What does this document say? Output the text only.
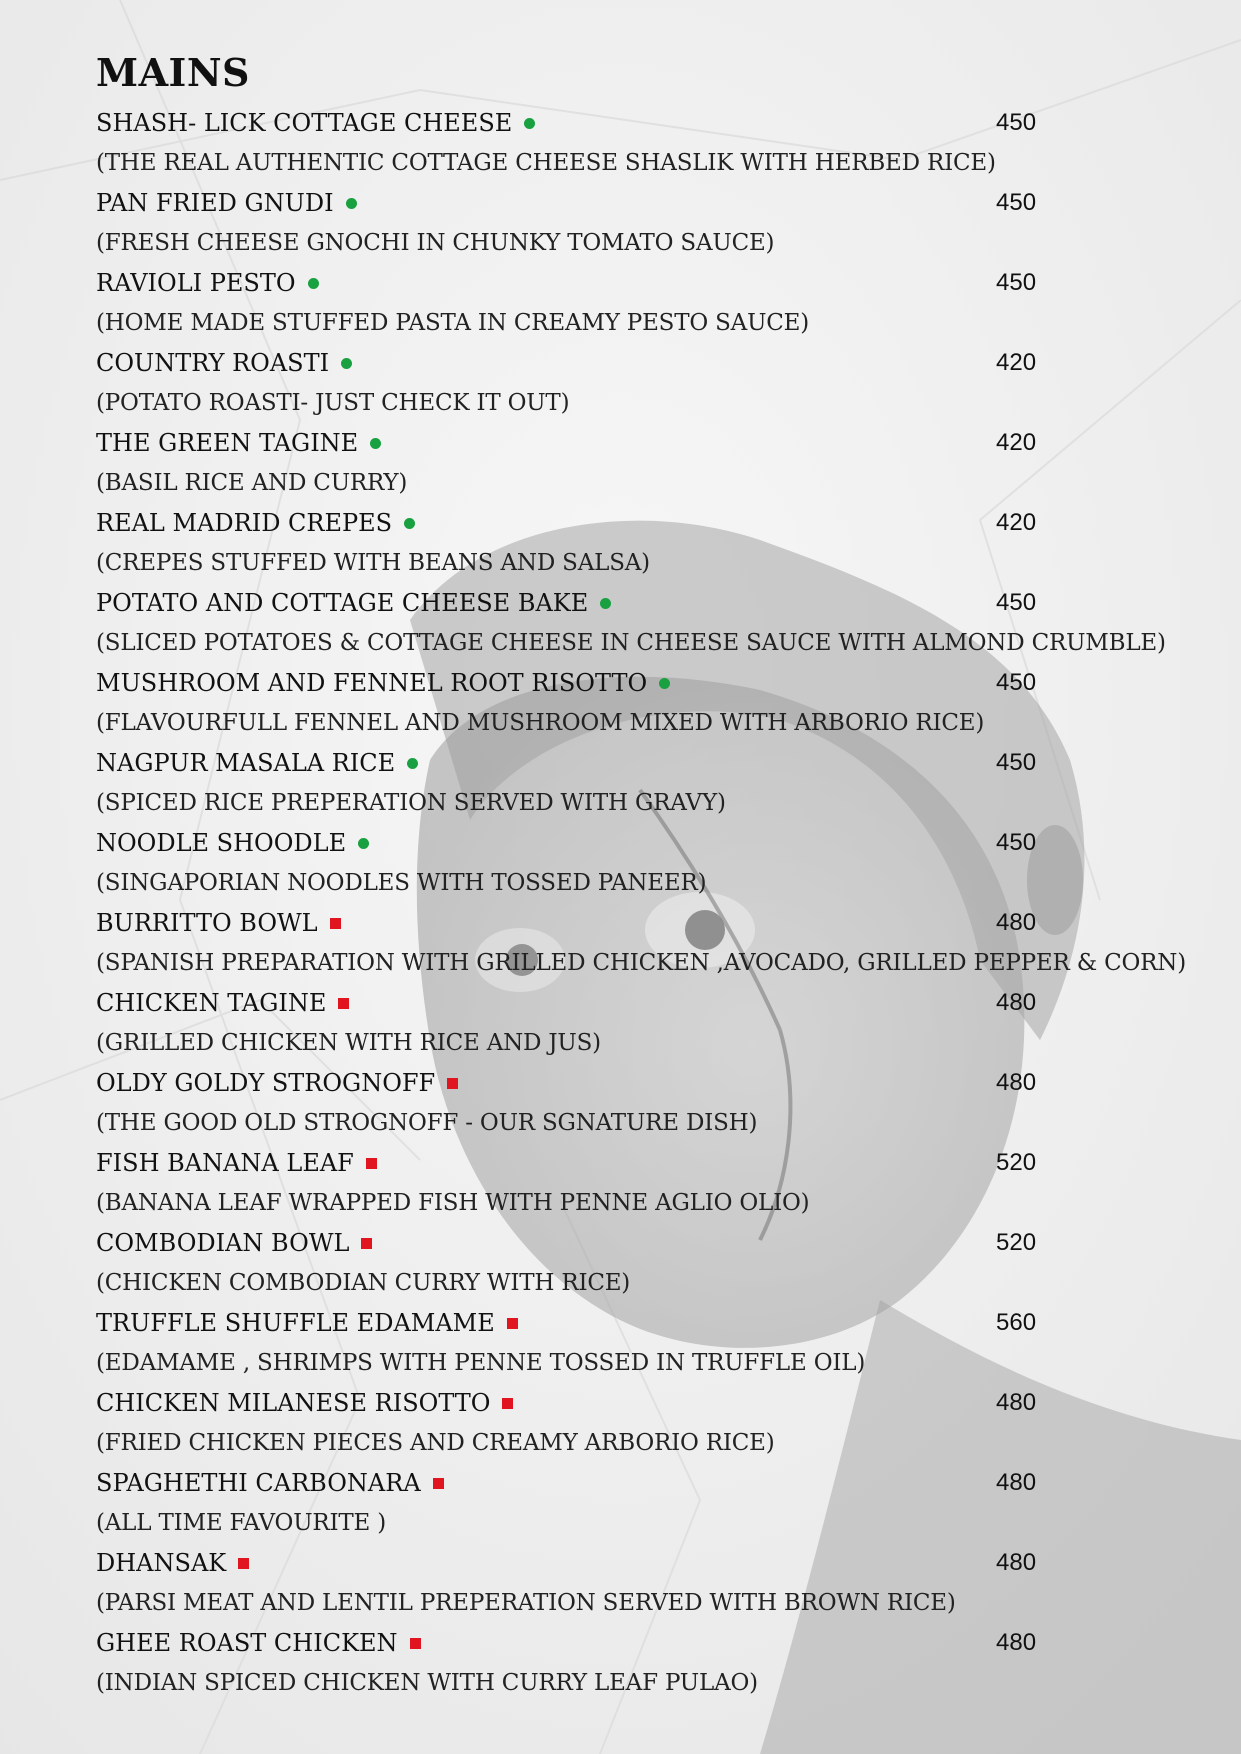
MAINS
SHASH- LICK COTTAGE CHEESE	450
(THE REAL AUTHENTIC COTTAGE CHEESE SHASLIK WITH HERBED RICE)
PAN FRIED GNUDI	450
(FRESH CHEESE GNOCHI IN CHUNKY TOMATO SAUCE)
RAVIOLI PESTO	450
(HOME MADE STUFFED PASTA IN CREAMY PESTO SAUCE)
COUNTRY ROASTI	420
(POTATO ROASTI- JUST CHECK IT OUT)
THE GREEN TAGINE	420
(BASIL RICE AND CURRY)
REAL MADRID CREPES	420
(CREPES STUFFED WITH BEANS AND SALSA)
POTATO AND COTTAGE CHEESE BAKE	450
(SLICED POTATOES & COTTAGE CHEESE IN CHEESE SAUCE WITH ALMOND CRUMBLE)
MUSHROOM AND FENNEL ROOT RISOTTO	450
(FLAVOURFULL FENNEL AND MUSHROOM MIXED WITH ARBORIO RICE)
NAGPUR MASALA RICE	450
(SPICED RICE PREPERATION SERVED WITH GRAVY)
NOODLE SHOODLE	450
(SINGAPORIAN NOODLES WITH TOSSED PANEER)
BURRITTO BOWL	480
(SPANISH PREPARATION WITH GRILLED CHICKEN ,AVOCADO, GRILLED PEPPER & CORN)
CHICKEN TAGINE	480
(GRILLED CHICKEN WITH RICE AND JUS)
OLDY GOLDY STROGNOFF	480
(THE GOOD OLD STROGNOFF - OUR SGNATURE DISH)
FISH BANANA LEAF	520
(BANANA LEAF WRAPPED FISH WITH PENNE AGLIO OLIO)
COMBODIAN BOWL	520
(CHICKEN COMBODIAN CURRY WITH RICE)
TRUFFLE SHUFFLE EDAMAME	560
(EDAMAME , SHRIMPS WITH PENNE TOSSED IN TRUFFLE OIL)
CHICKEN MILANESE RISOTTO	480
(FRIED CHICKEN PIECES AND CREAMY ARBORIO RICE)
SPAGHETHI CARBONARA	480
(ALL TIME FAVOURITE )
DHANSAK	480
(PARSI MEAT AND LENTIL PREPERATION SERVED WITH BROWN RICE)
GHEE ROAST CHICKEN	480
(INDIAN SPICED CHICKEN WITH CURRY LEAF PULAO)
